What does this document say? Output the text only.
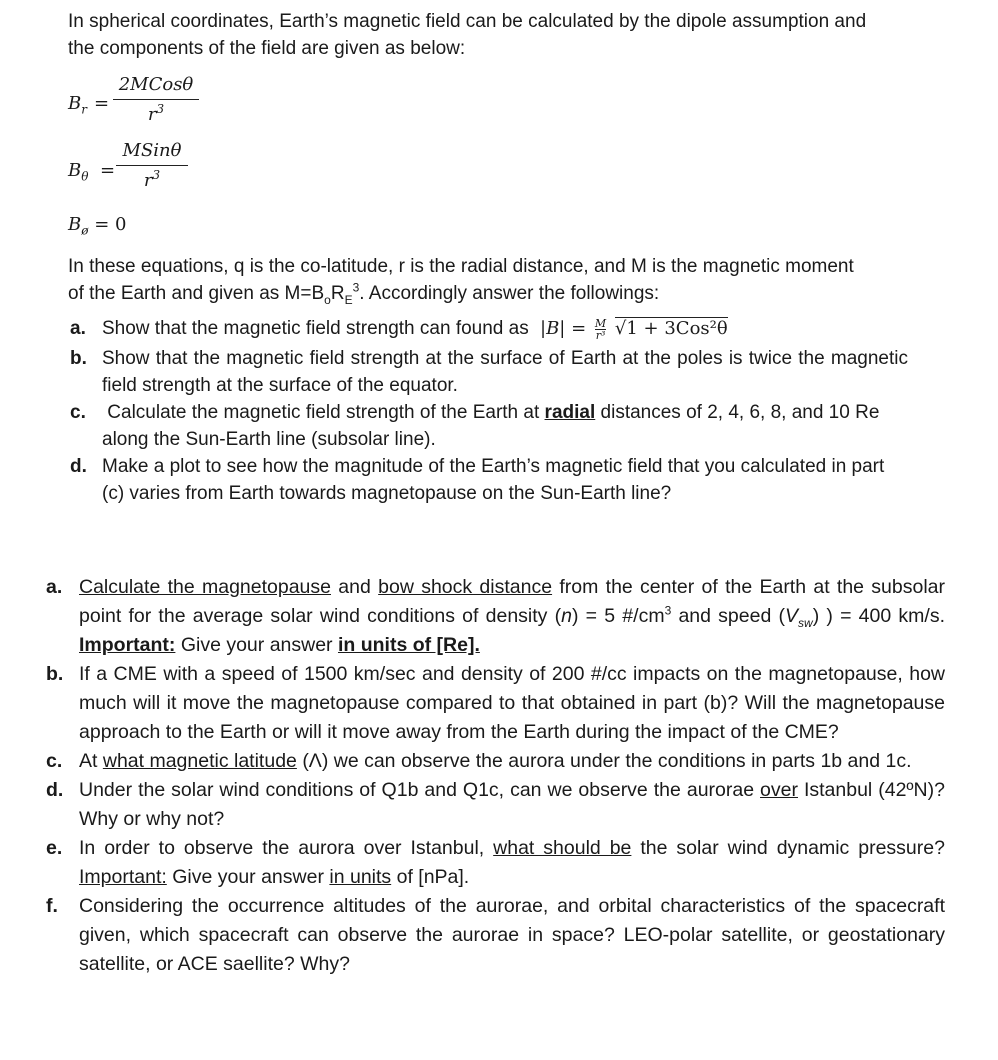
In spherical coordinates, Earth’s magnetic field can be calculated by the dipole assumption and
the components of the field are given as below:
$B_r$ =
2MCosθ
$r^3$
$B_\theta$ =
MSinθ
$r^3$
$B_ø = 0$
In these equations, q is the co-latitude, r is the radial distance, and M is the magnetic moment
of the Earth and given as $M=B_oR_E^3$. Accordingly answer the followings:
a. Show that the magnetic field strength can found as $|B| = \frac{M}{\text{r³}} √1 + 3Cos^2\theta$
b. Show that the magnetic field strength at the surface of Earth at the poles is twice the magnetic field strength at the surface of the equator.
c. Calculate the magnetic field strength of the Earth at radial distances of 2, 4, 6, 8, and 10 Re along the Sun-Earth line (subsolar line).
d. Make a plot to see how the magnitude of the Earth’s magnetic field that you calculated in part (c) varies from Earth towards magnetopause on the Sun-Earth line?
a. Calculate the magnetopause and bow shock distance from the center of the Earth at the subsolar point for the average solar wind conditions of density (n) = 5 $\#/cm^3$ and speed $(V_{sw})$ ) = 400 km/s. Important: Give your answer in units of [Re].
b. If a CME with a speed of 1500 km/sec and density of 200 #/cc impacts on the magnetopause, how much will it move the magnetopause compared to that obtained in part (b)? Will the magnetopause approach to the Earth or will it move away from the Earth during the impact of the CME?
c. At what magnetic latitude (Λ) we can observe the aurora under the conditions in parts 1b and 1c.
d. Under the solar wind conditions of Q1b and Q1c, can we observe the aurorae over Istanbul (42ºN)? Why or why not?
e. In order to observe the aurora over Istanbul, what should be the solar wind dynamic pressure? Important: Give your answer in units of [nPa].
f. Considering the occurrence altitudes of the aurorae, and orbital characteristics of the spacecraft given, which spacecraft can observe the aurorae in space? LEO-polar satellite, or geostationary satellite, or ACE saellite? Why?
